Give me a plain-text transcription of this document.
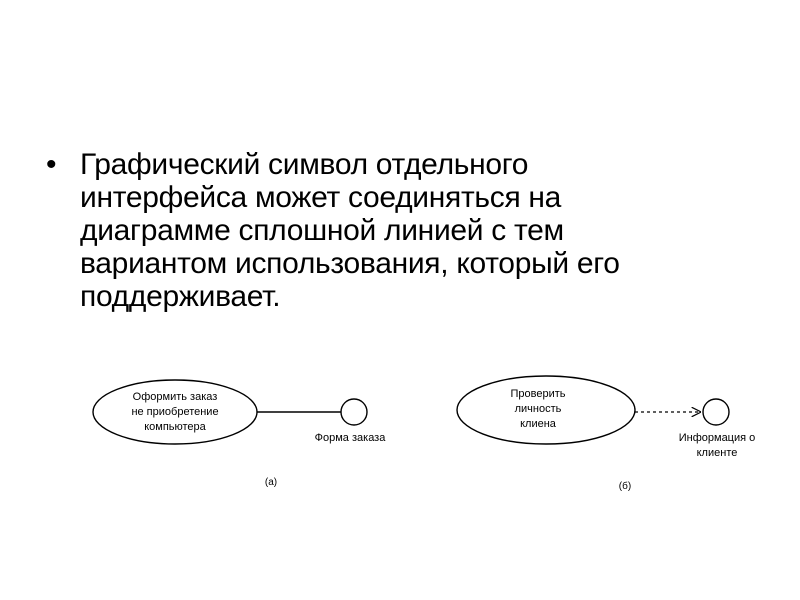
• Графический символ отдельного
интерфейса может соединяться на
диаграмме сплошной линией с тем
вариантом использования, который его
поддерживает.
Оформить заказ
не приобретение
компьютера
Форма заказа
(а)
Проверить
личность
клиена
Информация о
клиенте
(б)
